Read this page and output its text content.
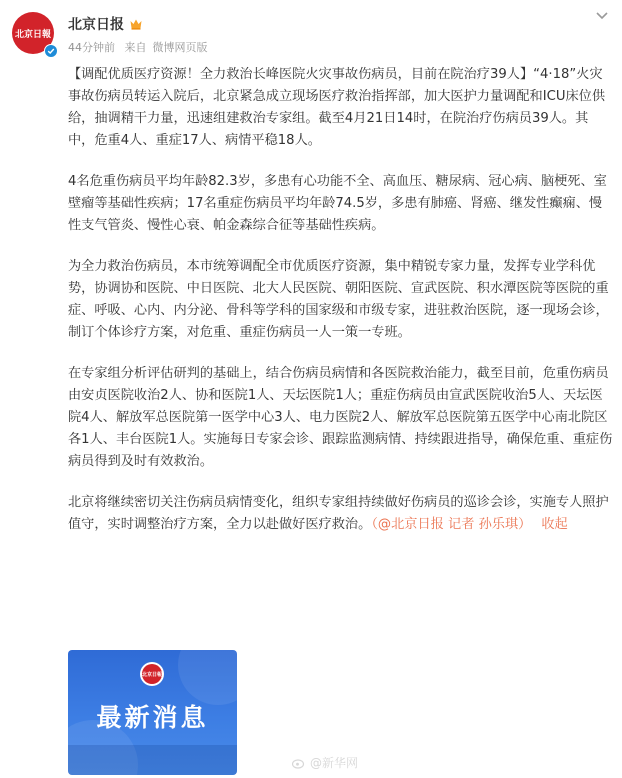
北京日報
北京日报
44分钟前 来自 微博网页版

【调配优质医疗资源！全力救治长峰医院火灾事故伤病员，目前在院治疗39人】“4·18”火灾事故伤病员转运入院后，北京紧急成立现场医疗救治指挥部，加大医护力量调配和ICU床位供给，抽调精干力量，迅速组建救治专家组。截至4月21日14时，在院治疗伤病员39人。其中，危重4人、重症17人、病情平稳18人。

4名危重伤病员平均年龄82.3岁，多患有心功能不全、高血压、糖尿病、冠心病、脑梗死、室壁瘤等基础性疾病；17名重症伤病员平均年龄74.5岁，多患有肺癌、肾癌、继发性癫痫、慢性支气管炎、慢性心衰、帕金森综合征等基础性疾病。

为全力救治伤病员，本市统筹调配全市优质医疗资源，集中精锐专家力量，发挥专业学科优势，协调协和医院、中日医院、北大人民医院、朝阳医院、宣武医院、积水潭医院等医院的重症、呼吸、心内、内分泌、骨科等学科的国家级和市级专家，进驻救治医院，逐一现场会诊，制订个体诊疗方案，对危重、重症伤病员一人一策一专班。

在专家组分析评估研判的基础上，结合伤病员病情和各医院救治能力，截至目前，危重伤病员由安贞医院收治2人、协和医院1人、天坛医院1人；重症伤病员由宣武医院收治5人、天坛医院4人、解放军总医院第一医学中心3人、电力医院2人、解放军总医院第五医学中心南北院区各1人、丰台医院1人。实施每日专家会诊、跟踪监测病情、持续跟进指导，确保危重、重症伤病员得到及时有效救治。

北京将继续密切关注伤病员病情变化，组织专家组持续做好伤病员的巡诊会诊，实施专人照护值守，实时调整治疗方案，全力以赴做好医疗救治。（@北京日报 记者 孙乐琪） 收起

北京日報
最新消息
@新华网
